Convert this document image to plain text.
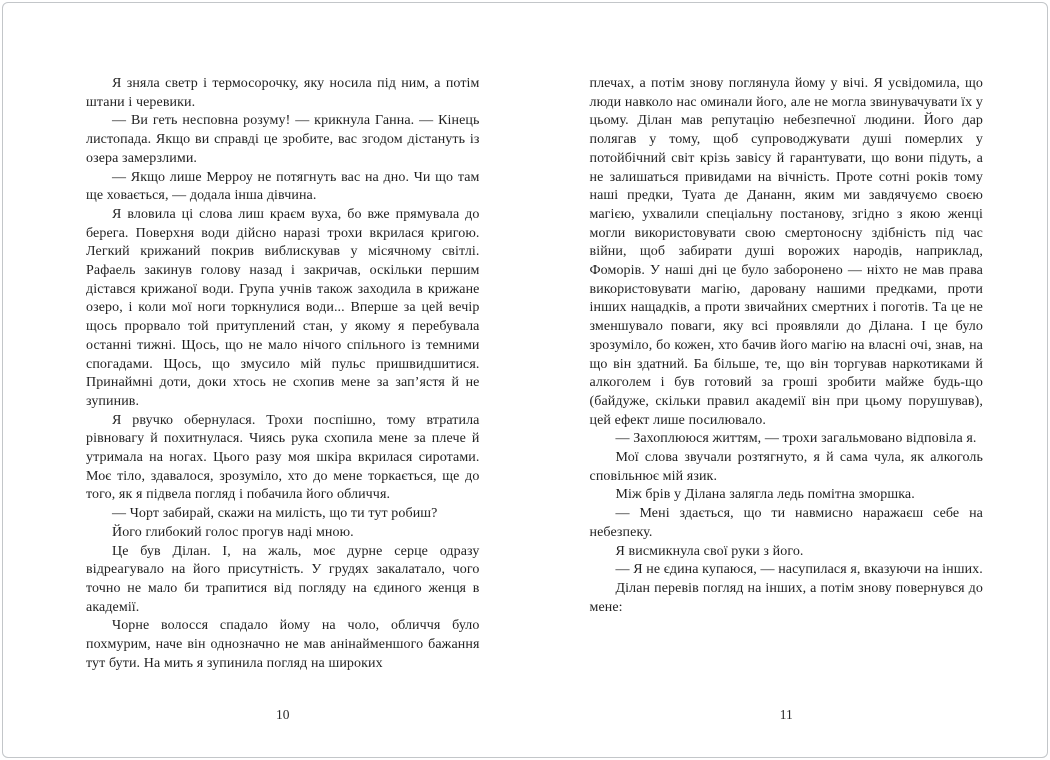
Я зняла светр і термосорочку, яку носила під ним, а потім штани і черевики.

— Ви геть несповна розуму! — крикнула Ганна. — Кінець листопада. Якщо ви справді це зробите, вас згодом дістануть із озера замерзлими.

— Якщо лише Мерроу не потягнуть вас на дно. Чи що там ще ховається, — додала інша дівчина.

Я вловила ці слова лиш краєм вуха, бо вже прямувала до берега. Поверхня води дійсно наразі трохи вкрилася кригою. Легкий крижаний покрив виблискував у місячному світлі. Рафаель закинув голову назад і закричав, оскільки першим дістався крижаної води. Група учнів також заходила в крижане озеро, і коли мої ноги торкнулися води... Вперше за цей вечір щось прорвало той притуплений стан, у якому я перебувала останні тижні. Щось, що не мало нічого спільного із темними спогадами. Щось, що змусило мій пульс пришвидшитися. Принаймні доти, доки хтось не схопив мене за зап’ястя й не зупинив.

Я рвучко обернулася. Трохи поспішно, тому втратила рівновагу й похитнулася. Чиясь рука схопила мене за плече й утримала на ногах. Цього разу моя шкіра вкрилася сиротами. Моє тіло, здавалося, зрозуміло, хто до мене торкається, ще до того, як я підвела погляд і побачила його обличчя.

— Чорт забирай, скажи на милість, що ти тут робиш?

Його глибокий голос прогув наді мною.

Це був Ділан. І, на жаль, моє дурне серце одразу відреагувало на його присутність. У грудях закалатало, чого точно не мало би трапитися від погляду на єдиного женця в академії.

Чорне волосся спадало йому на чоло, обличчя було похмурим, наче він однозначно не мав анінайменшого бажання тут бути. На мить я зупинила погляд на широких

10

плечах, а потім знову поглянула йому у вічі. Я усвідомила, що люди навколо нас оминали його, але не могла звинувачувати їх у цьому. Ділан мав репутацію небезпечної людини. Його дар полягав у тому, щоб супроводжувати душі померлих у потойбічний світ крізь завісу й гарантувати, що вони підуть, а не залишаться привидами на вічність. Проте сотні років тому наші предки, Туата де Дананн, яким ми завдячуємо своєю магією, ухвалили спеціальну постанову, згідно з якою женці могли використовувати свою смертоносну здібність під час війни, щоб забирати душі ворожих народів, наприклад, Фоморів. У наші дні це було заборонено — ніхто не мав права використовувати магію, даровану нашими предками, проти інших нащадків, а проти звичайних смертних і поготів. Та це не зменшувало поваги, яку всі проявляли до Ділана. І це було зрозуміло, бо кожен, хто бачив його магію на власні очі, знав, на що він здатний. Ба більше, те, що він торгував наркотиками й алкоголем і був готовий за гроші зробити майже будь-що (байдуже, скільки правил академії він при цьому порушував), цей ефект лише посилювало.

— Захоплююся життям, — трохи загальмовано відповіла я.

Мої слова звучали розтягнуто, я й сама чула, як алкоголь сповільнює мій язик.

Між брів у Ділана залягла ледь помітна зморшка.

— Мені здається, що ти навмисно наражаєш себе на небезпеку.

Я висмикнула свої руки з його.

— Я не єдина купаюся, — насупилася я, вказуючи на інших.

Ділан перевів погляд на інших, а потім знову повернувся до мене:

11
